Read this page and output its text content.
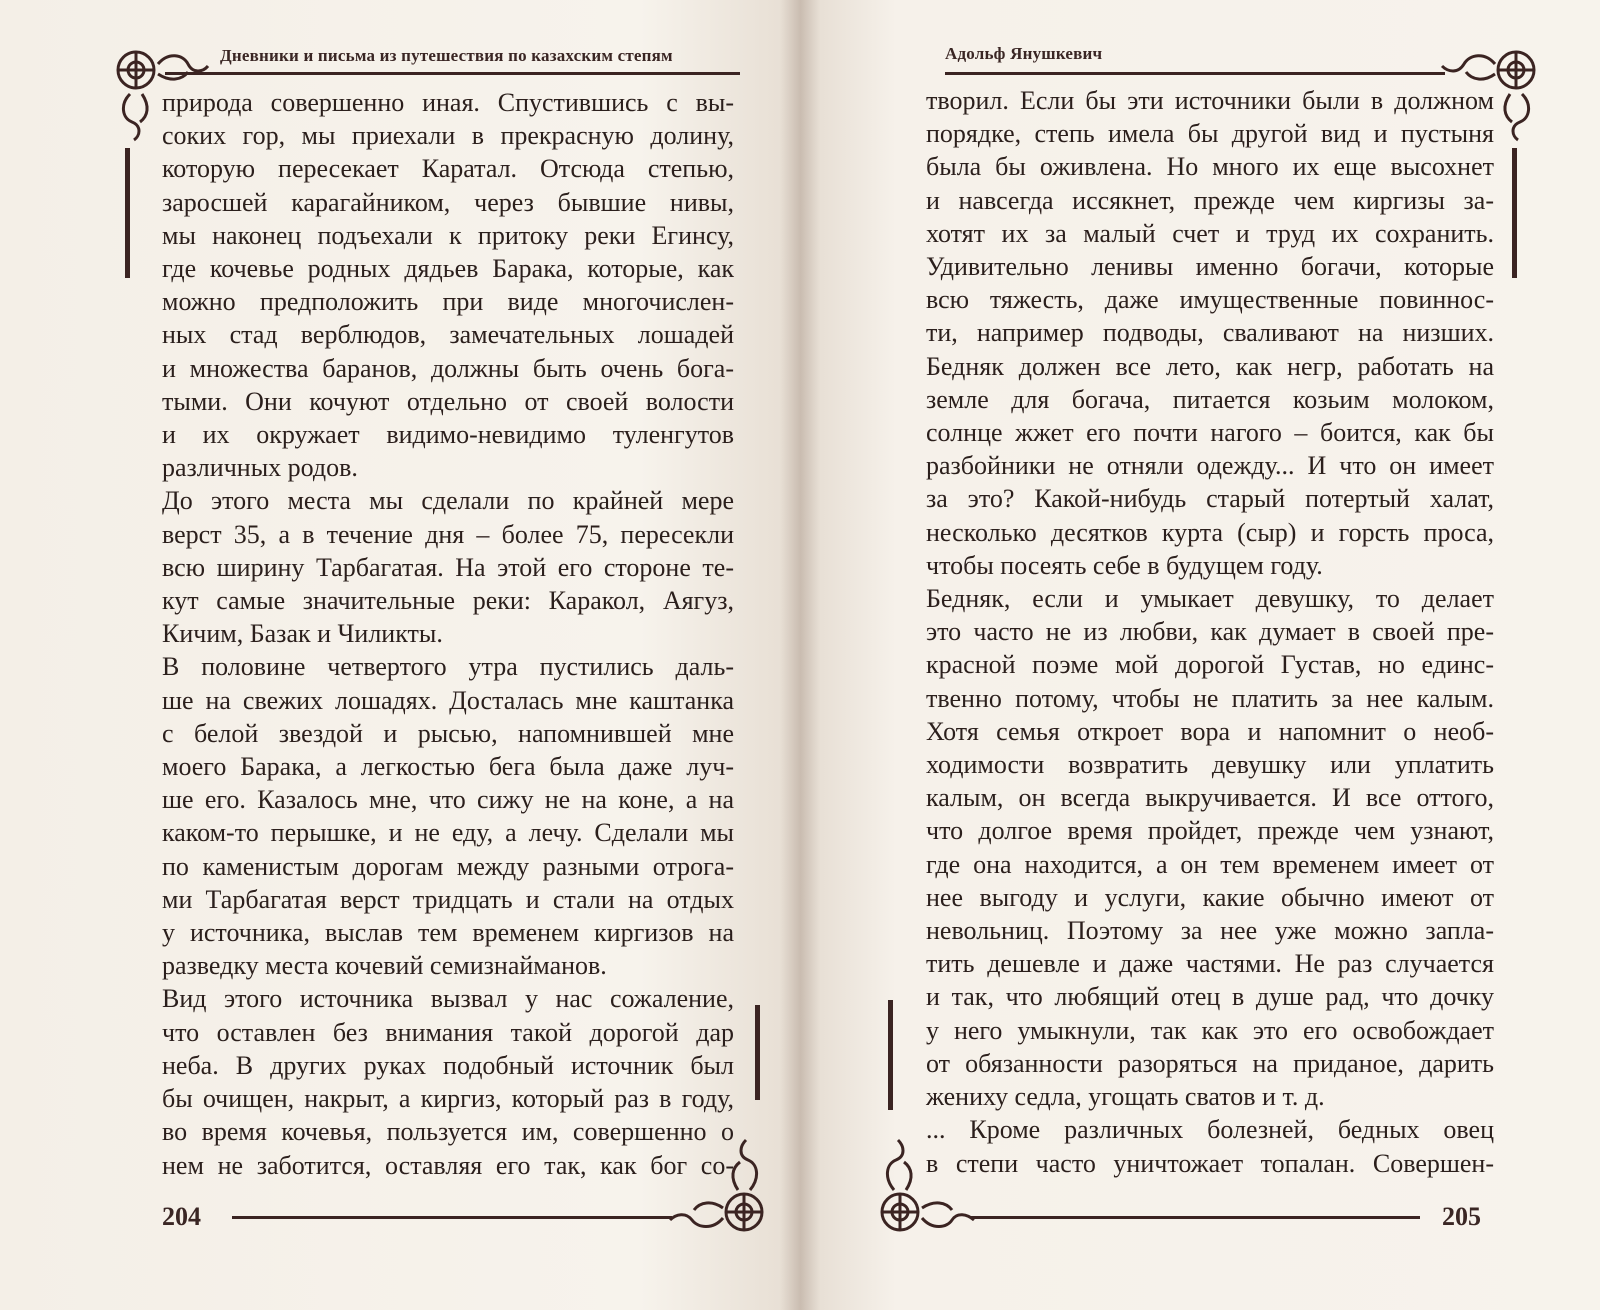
Дневники и письма из путешествия по казахским степям
природа совершенно иная. Спустившись с вы-
соких гор, мы приехали в прекрасную долину,
которую пересекает Каратал. Отсюда степью,
заросшей карагайником, через бывшие нивы,
мы наконец подъехали к притоку реки Егинсу,
где кочевье родных дядьев Барака, которые, как
можно предположить при виде многочислен-
ных стад верблюдов, замечательных лошадей
и множества баранов, должны быть очень бога-
тыми. Они кочуют отдельно от своей волости
и их окружает видимо-невидимо туленгутов
различных родов.
До этого места мы сделали по крайней мере
верст 35, а в течение дня – более 75, пересекли
всю ширину Тарбагатая. На этой его стороне те-
кут самые значительные реки: Каракол, Аягуз,
Кичим, Базак и Чиликты.
В половине четвертого утра пустились даль-
ше на свежих лошадях. Досталась мне каштанка
с белой звездой и рысью, напомнившей мне
моего Барака, а легкостью бега была даже луч-
ше его. Казалось мне, что сижу не на коне, а на
каком-то перышке, и не еду, а лечу. Сделали мы
по каменистым дорогам между разными отрога-
ми Тарбагатая верст тридцать и стали на отдых
у источника, выслав тем временем киргизов на
разведку места кочевий семизнайманов.
Вид этого источника вызвал у нас сожаление,
что оставлен без внимания такой дорогой дар
неба. В других руках подобный источник был
бы очищен, накрыт, а киргиз, который раз в году,
во время кочевья, пользуется им, совершенно о
нем не заботится, оставляя его так, как бог со-
204
Адольф Янушкевич
творил. Если бы эти источники были в должном
порядке, степь имела бы другой вид и пустыня
была бы оживлена. Но много их еще высохнет
и навсегда иссякнет, прежде чем киргизы за-
хотят их за малый счет и труд их сохранить.
Удивительно ленивы именно богачи, которые
всю тяжесть, даже имущественные повиннос-
ти, например подводы, сваливают на низших.
Бедняк должен все лето, как негр, работать на
земле для богача, питается козьим молоком,
солнце жжет его почти нагого – боится, как бы
разбойники не отняли одежду... И что он имеет
за это? Какой-нибудь старый потертый халат,
несколько десятков курта (сыр) и горсть проса,
чтобы посеять себе в будущем году.
Бедняк, если и умыкает девушку, то делает
это часто не из любви, как думает в своей пре-
красной поэме мой дорогой Густав, но единс-
твенно потому, чтобы не платить за нее калым.
Хотя семья откроет вора и напомнит о необ-
ходимости возвратить девушку или уплатить
калым, он всегда выкручивается. И все оттого,
что долгое время пройдет, прежде чем узнают,
где она находится, а он тем временем имеет от
нее выгоду и услуги, какие обычно имеют от
невольниц. Поэтому за нее уже можно запла-
тить дешевле и даже частями. Не раз случается
и так, что любящий отец в душе рад, что дочку
у него умыкнули, так как это его освобождает
от обязанности разоряться на приданое, дарить
жениху седла, угощать сватов и т. д.
... Кроме различных болезней, бедных овец
в степи часто уничтожает топалан. Совершен-
205
